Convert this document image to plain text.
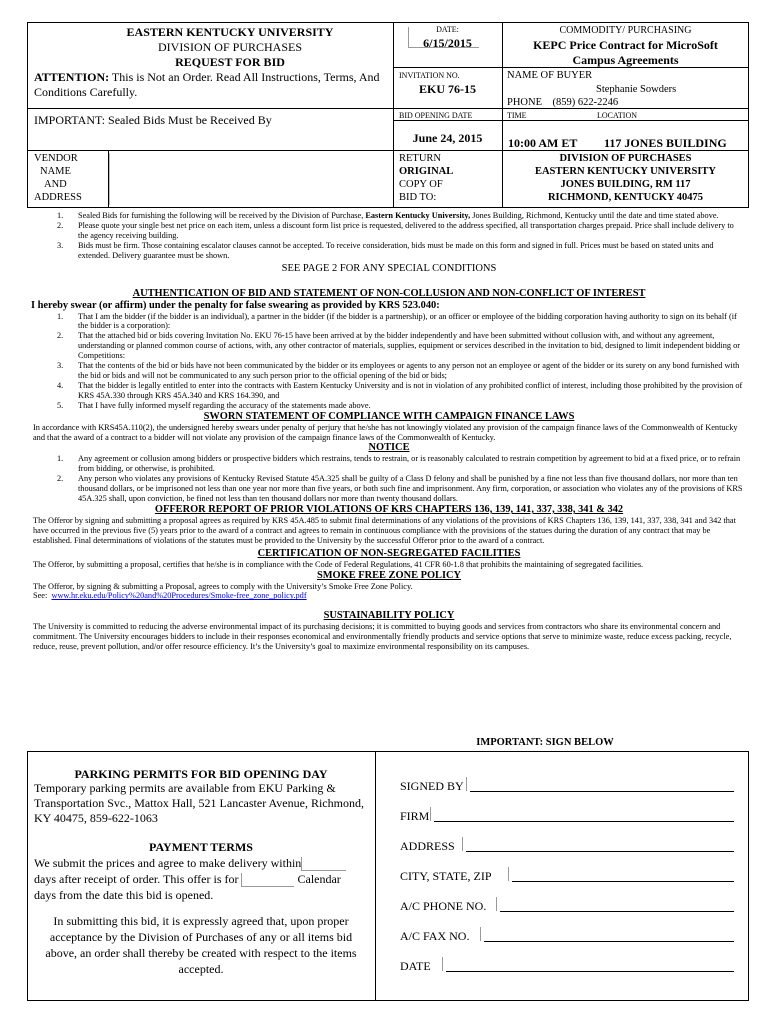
EASTERN KENTUCKY UNIVERSITY
DIVISION OF PURCHASES
REQUEST FOR BID
ATTENTION: This is Not an Order. Read All Instructions, Terms, And Conditions Carefully.
IMPORTANT: Sealed Bids Must be Received By
DATE:
6/15/2015
COMMODITY/ PURCHASING
KEPC Price Contract for MicroSoft
Campus Agreements
INVITATION NO.
EKU 76-15
NAME OF BUYER
Stephanie Sowders
PHONE (859) 622-2246
BID OPENING DATE	TIME	LOCATION
June 24, 2015	10:00 AM ET 117 JONES BUILDING
VENDOR
NAME
AND
ADDRESS
RETURN
ORIGINAL
COPY OF
BID TO:
DIVISION OF PURCHASES
EASTERN KENTUCKY UNIVERSITY
JONES BUILDING, RM 117
RICHMOND, KENTUCKY 40475
1. Sealed Bids for furnishing the following will be received by the Division of Purchase, Eastern Kentucky University, Jones Building, Richmond, Kentucky until the date and time stated above.
2. Please quote your single best net price on each item, unless a discount form list price is requested, delivered to the address specified, all transportation charges prepaid. Price shall include delivery to the agency receiving building.
3. Bids must be firm. Those containing escalator clauses cannot be accepted. To receive consideration, bids must be made on this form and signed in full. Prices must be based on stated units and extended. Delivery guarantee must be shown.
SEE PAGE 2 FOR ANY SPECIAL CONDITIONS
AUTHENTICATION OF BID AND STATEMENT OF NON-COLLUSION AND NON-CONFLICT OF INTEREST
I hereby swear (or affirm) under the penalty for false swearing as provided by KRS 523.040:
1. That I am the bidder (if the bidder is an individual), a partner in the bidder (if the bidder is a partnership), or an officer or employee of the bidding corporation having authority to sign on its behalf (if the bidder is a corporation):
2. That the attached bid or bids covering Invitation No. EKU 76-15 have been arrived at by the bidder independently and have been submitted without collusion with, and without any agreement, understanding or planned common course of actions, with, any other contractor of materials, supplies, equipment or services described in the invitation to bid, designed to limit independent bidding or Competitions:
3. That the contents of the bid or bids have not been communicated by the bidder or its employees or agents to any person not an employee or agent of the bidder or its surety on any bond furnished with the bid or bids and will not be communicated to any such person prior to the official opening of the bid or bids;
4. That the bidder is legally entitled to enter into the contracts with Eastern Kentucky University and is not in violation of any prohibited conflict of interest, including those prohibited by the provision of KRS 45A.330 through KRS 45A.340 and KRS 164.390, and
5. That I have fully informed myself regarding the accuracy of the statements made above.
SWORN STATEMENT OF COMPLIANCE WITH CAMPAIGN FINANCE LAWS
In accordance with KRS45A.110(2), the undersigned hereby swears under penalty of perjury that he/she has not knowingly violated any provision of the campaign finance laws of the Commonwealth of Kentucky and that the award of a contract to a bidder will not violate any provision of the campaign finance laws of the Commonwealth of Kentucky.
NOTICE
1. Any agreement or collusion among bidders or prospective bidders which restrains, tends to restrain, or is reasonably calculated to restrain competition by agreement to bid at a fixed price, or to refrain from bidding, or otherwise, is prohibited.
2. Any person who violates any provisions of Kentucky Revised Statute 45A.325 shall be guilty of a Class D felony and shall be punished by a fine not less than five thousand dollars, nor more than ten thousand dollars, or be imprisoned not less than one year nor more than five years, or both such fine and imprisonment. Any firm, corporation, or association who violates any of the provisions of KRS 45A.325 shall, upon conviction, be fined not less than ten thousand dollars nor more than twenty thousand dollars.
OFFEROR REPORT OF PRIOR VIOLATIONS OF KRS CHAPTERS 136, 139, 141, 337, 338, 341 & 342
The Offeror by signing and submitting a proposal agrees as required by KRS 45A.485 to submit final determinations of any violations of the provisions of KRS Chapters 136, 139, 141, 337, 338, 341 and 342 that have occurred in the previous five (5) years prior to the award of a contract and agrees to remain in continuous compliance with the provisions of the statues during the duration of any contract that may be established. Final determinations of violations of the statutes must be provided to the University by the successful Offeror prior to the award of a contract.
CERTIFICATION OF NON-SEGREGATED FACILITIES
The Offeror, by submitting a proposal, certifies that he/she is in compliance with the Code of Federal Regulations, 41 CFR 60-1.8 that prohibits the maintaining of segregated facilities.
SMOKE FREE ZONE POLICY
The Offeror, by signing & submitting a Proposal, agrees to comply with the University’s Smoke Free Zone Policy.
See: www.hr.eku.edu/Policy%20and%20Procedures/Smoke-free_zone_policy.pdf
SUSTAINABILITY POLICY
The University is committed to reducing the adverse environmental impact of its purchasing decisions; it is committed to buying goods and services from contractors who share its environmental concern and commitment. The University encourages bidders to include in their responses economical and environmentally friendly products and service options that serve to minimize waste, reduce excess packing, recycle, reduce, reuse, prevent pollution, and/or offer resource efficiency. It’s the University’s goal to maximize environmental responsibility on its campuses.
IMPORTANT: SIGN BELOW
PARKING PERMITS FOR BID OPENING DAY
Temporary parking permits are available from EKU Parking & Transportation Svc., Mattox Hall, 521 Lancaster Avenue, Richmond, KY 40475, 859-622-1063
PAYMENT TERMS
We submit the prices and agree to make delivery within
days after receipt of order. This offer is for	Calendar
days from the date this bid is opened.
In submitting this bid, it is expressly agreed that, upon proper acceptance by the Division of Purchases of any or all items bid above, an order shall thereby be created with respect to the items accepted.
SIGNED BY
FIRM
ADDRESS
CITY, STATE, ZIP
A/C PHONE NO.
A/C FAX NO.
DATE
